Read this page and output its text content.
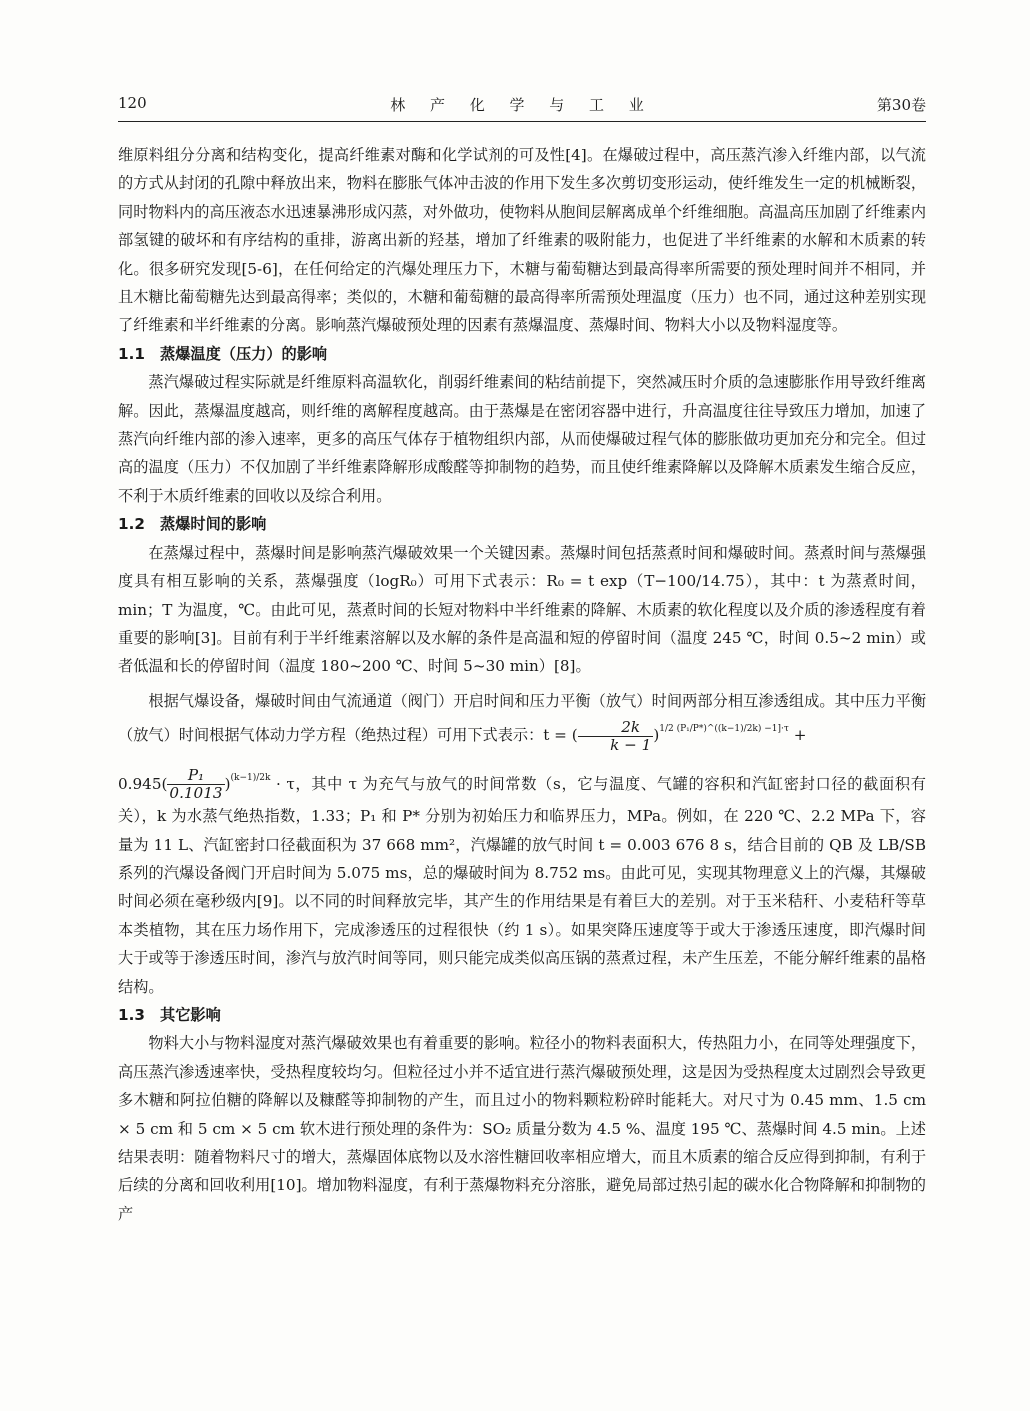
120	林 产 化 学 与 工 业	第30卷

维原料组分分离和结构变化，提高纤维素对酶和化学试剂的可及性[4]。在爆破过程中，高压蒸汽渗入纤维内部，以气流的方式从封闭的孔隙中释放出来，物料在膨胀气体冲击波的作用下发生多次剪切变形运动，使纤维发生一定的机械断裂，同时物料内的高压液态水迅速暴沸形成闪蒸，对外做功，使物料从胞间层解离成单个纤维细胞。高温高压加剧了纤维素内部氢键的破坏和有序结构的重排，游离出新的羟基，增加了纤维素的吸附能力，也促进了半纤维素的水解和木质素的转化。很多研究发现[5-6]，在任何给定的汽爆处理压力下，木糖与葡萄糖达到最高得率所需要的预处理时间并不相同，并且木糖比葡萄糖先达到最高得率；类似的，木糖和葡萄糖的最高得率所需预处理温度（压力）也不同，通过这种差别实现了纤维素和半纤维素的分离。影响蒸汽爆破预处理的因素有蒸爆温度、蒸爆时间、物料大小以及物料湿度等。

1.1 蒸爆温度（压力）的影响

蒸汽爆破过程实际就是纤维原料高温软化，削弱纤维素间的粘结前提下，突然减压时介质的急速膨胀作用导致纤维离解。因此，蒸爆温度越高，则纤维的离解程度越高。由于蒸爆是在密闭容器中进行，升高温度往往导致压力增加，加速了蒸汽向纤维内部的渗入速率，更多的高压气体存于植物组织内部，从而使爆破过程气体的膨胀做功更加充分和完全。但过高的温度（压力）不仅加剧了半纤维素降解形成酸醛等抑制物的趋势，而且使纤维素降解以及降解木质素发生缩合反应，不利于木质纤维素的回收以及综合利用。

1.2 蒸爆时间的影响

在蒸爆过程中，蒸爆时间是影响蒸汽爆破效果一个关键因素。蒸爆时间包括蒸煮时间和爆破时间。蒸煮时间与蒸爆强度具有相互影响的关系，蒸爆强度（logR₀）可用下式表示：R₀ = t exp（T−100/14.75），其中：t 为蒸煮时间，min；T 为温度，℃。由此可见，蒸煮时间的长短对物料中半纤维素的降解、木质素的软化程度以及介质的渗透程度有着重要的影响[3]。目前有利于半纤维素溶解以及水解的条件是高温和短的停留时间（温度 245 ℃，时间 0.5~2 min）或者低温和长的停留时间（温度 180~200 ℃、时间 5~30 min）[8]。

根据气爆设备，爆破时间由气流通道（阀门）开启时间和压力平衡（放气）时间两部分相互渗透组成。其中压力平衡（放气）时间根据气体动力学方程（绝热过程）可用下式表示：t = ( $\frac{2k}{k - 1} )^{1/2 (P_1/P*)\^{}((k-1)/2k) -1]\cdot\tau}$ +

$0.945( \frac{\text{P₁}}{0.1013} )^{(k-1)/2k} \cdot \tau$，其中 τ 为充气与放气的时间常数（s，它与温度、气罐的容积和汽缸密封口径的截面积有关），k 为水蒸气绝热指数，1.33；P₁ 和 P* 分别为初始压力和临界压力，MPa。例如，在 220 ℃、2.2 MPa 下，容量为 11 L、汽缸密封口径截面积为 37 668 mm²，汽爆罐的放气时间 t = 0.003 676 8 s，结合目前的 QB 及 LB/SB 系列的汽爆设备阀门开启时间为 5.075 ms，总的爆破时间为 8.752 ms。由此可见，实现其物理意义上的汽爆，其爆破时间必须在毫秒级内[9]。以不同的时间释放完毕，其产生的作用结果是有着巨大的差别。对于玉米秸秆、小麦秸秆等草本类植物，其在压力场作用下，完成渗透压的过程很快（约 1 s）。如果突降压速度等于或大于渗透压速度，即汽爆时间大于或等于渗透压时间，渗汽与放汽时间等同，则只能完成类似高压锅的蒸煮过程，未产生压差，不能分解纤维素的晶格结构。

1.3 其它影响

物料大小与物料湿度对蒸汽爆破效果也有着重要的影响。粒径小的物料表面积大，传热阻力小，在同等处理强度下，高压蒸汽渗透速率快，受热程度较均匀。但粒径过小并不适宜进行蒸汽爆破预处理，这是因为受热程度太过剧烈会导致更多木糖和阿拉伯糖的降解以及糠醛等抑制物的产生，而且过小的物料颗粒粉碎时能耗大。对尺寸为 0.45 mm、1.5 cm × 5 cm 和 5 cm × 5 cm 软木进行预处理的条件为：SO₂ 质量分数为 4.5 %、温度 195 ℃、蒸爆时间 4.5 min。上述结果表明：随着物料尺寸的增大，蒸爆固体底物以及水溶性糖回收率相应增大，而且木质素的缩合反应得到抑制，有利于后续的分离和回收利用[10]。增加物料湿度，有利于蒸爆物料充分溶胀，避免局部过热引起的碳水化合物降解和抑制物的产
